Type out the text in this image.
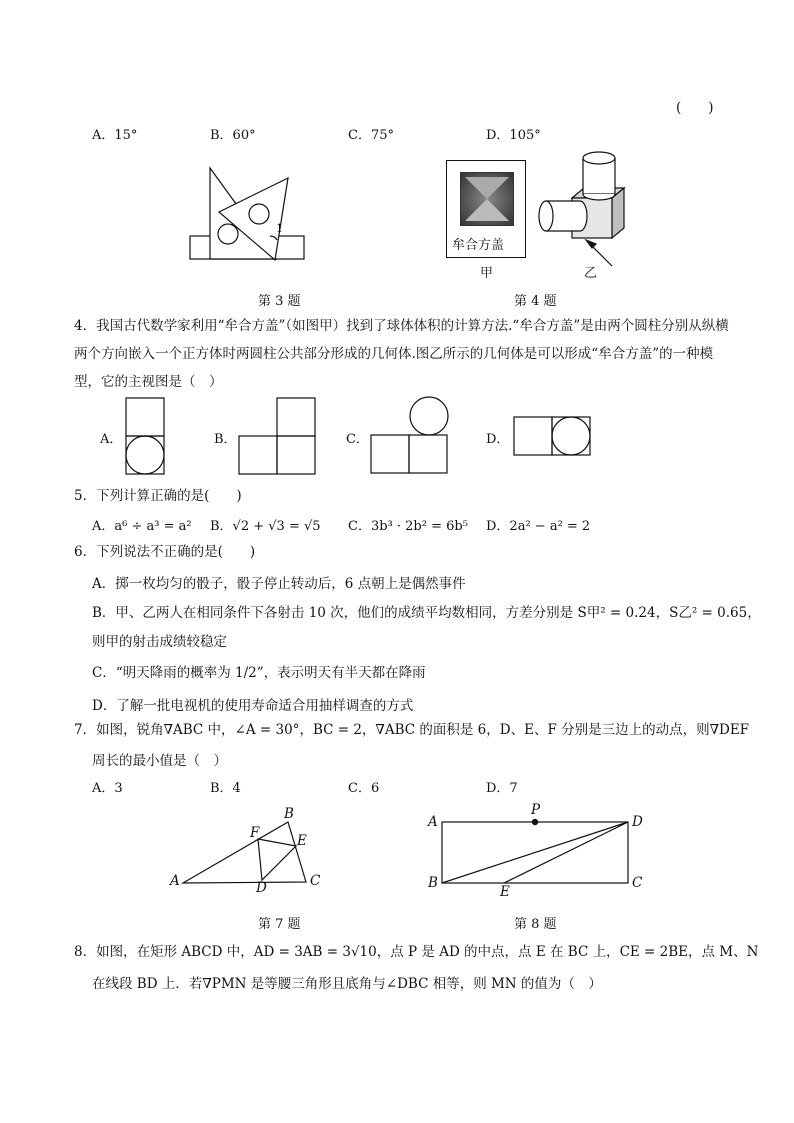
(　　)
A．15°	B．60°	C．75°	D．105°
1
第 3 题
牟合方盖
甲	乙
第 4 题
4．我国古代数学家利用“牟合方盖”（如图甲）找到了球体体积的计算方法.“牟合方盖”是由两个圆柱分别从纵横两个方向嵌入一个正方体时两圆柱公共部分形成的几何体.图乙所示的几何体是可以形成“牟合方盖”的一种模型，它的主视图是（　）
A．	B．	C．	D．
5．下列计算正确的是(　　)
A．a⁶ ÷ a³ = a² B．√2 + √3 = √5 C．3b³ · 2b² = 6b⁵ D．2a² − a² = 2
6．下列说法不正确的是(　　)
A．掷一枚均匀的骰子，骰子停止转动后，6 点朝上是偶然事件
B．甲、乙两人在相同条件下各射击 10 次，他们的成绩平均数相同，方差分别是 S甲² = 0.24，S乙² = 0.65，
则甲的射击成绩较稳定
C．“明天降雨的概率为 1/2”，表示明天有半天都在降雨
D．了解一批电视机的使用寿命适合用抽样调查的方式
7．如图，锐角∇ABC 中，∠A = 30°，BC = 2，∇ABC 的面积是 6，D、E、F 分别是三边上的动点，则∇DEF
周长的最小值是（　）
A．3	B．4	C．6	D．7
A
B
C
D
E
F
第 7 题
A
P
D
B
E
C
第 8 题
8．如图，在矩形 ABCD 中，AD = 3AB = 3√10，点 P 是 AD 的中点，点 E 在 BC 上，CE = 2BE，点 M、N
在线段 BD 上．若∇PMN 是等腰三角形且底角与∠DBC 相等，则 MN 的值为（　）
